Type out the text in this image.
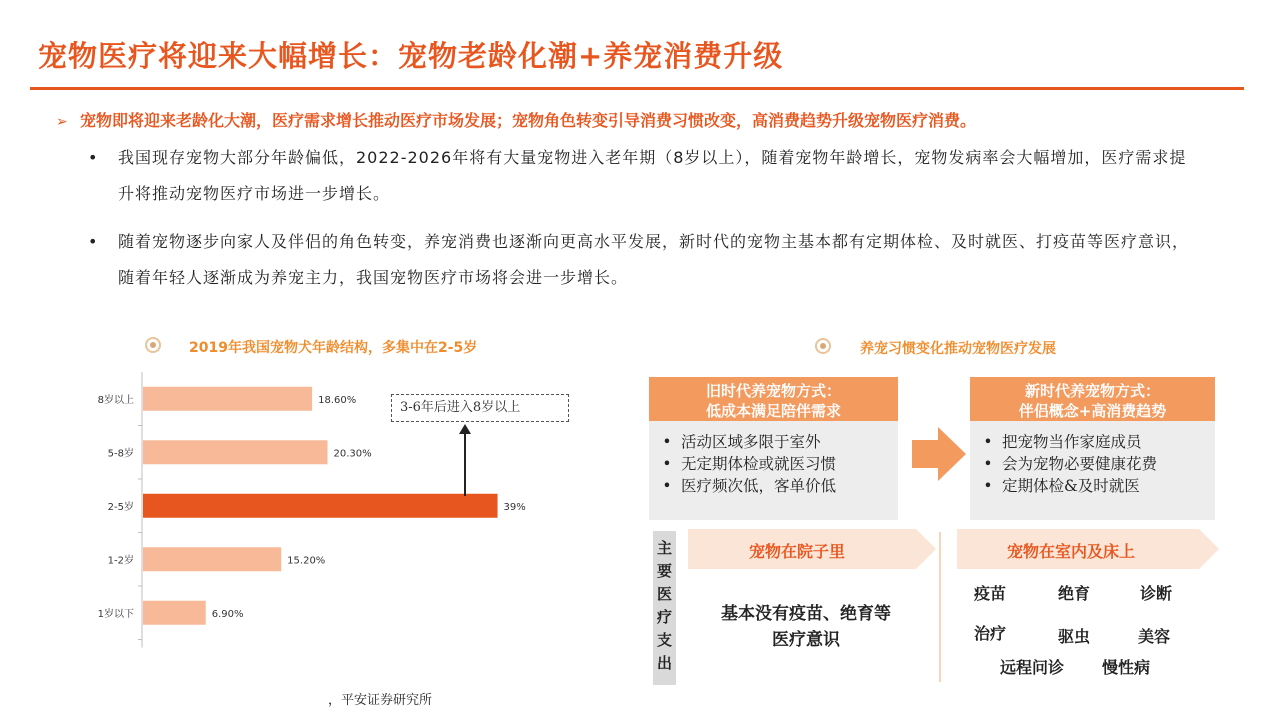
宠物医疗将迎来大幅增长：宠物老龄化潮+养宠消费升级
➢ 宠物即将迎来老龄化大潮，医疗需求增长推动医疗市场发展；宠物角色转变引导消费习惯改变，高消费趋势升级宠物医疗消费。
•	我国现存宠物大部分年龄偏低，2022-2026年将有大量宠物进入老年期（8岁以上），随着宠物年龄增长，宠物发病率会大幅增加，医疗需求提升将推动宠物医疗市场进一步增长。
•	随着宠物逐步向家人及伴侣的角色转变，养宠消费也逐渐向更高水平发展，新时代的宠物主基本都有定期体检、及时就医、打疫苗等医疗意识，随着年轻人逐渐成为养宠主力，我国宠物医疗市场将会进一步增长。
2019年我国宠物犬年龄结构，多集中在2-5岁	养宠习惯变化推动宠物医疗发展
8岁以上	18.60%
5-8岁	20.30%
2-5岁	39%
1-2岁	15.20%
1岁以下	6.90%
3-6年后进入8岁以上
，平安证券研究所
旧时代养宠物方式：
低成本满足陪伴需求
• 活动区域多限于室外
• 无定期体检或就医习惯
• 医疗频次低，客单价低
新时代养宠物方式：
伴侣概念+高消费趋势
• 把宠物当作家庭成员
• 会为宠物必要健康花费
• 定期体检&及时就医
主要医疗支出
宠物在院子里	宠物在室内及床上
基本没有疫苗、绝育等
医疗意识
疫苗	绝育	诊断
治疗	驱虫	美容
远程问诊 慢性病
